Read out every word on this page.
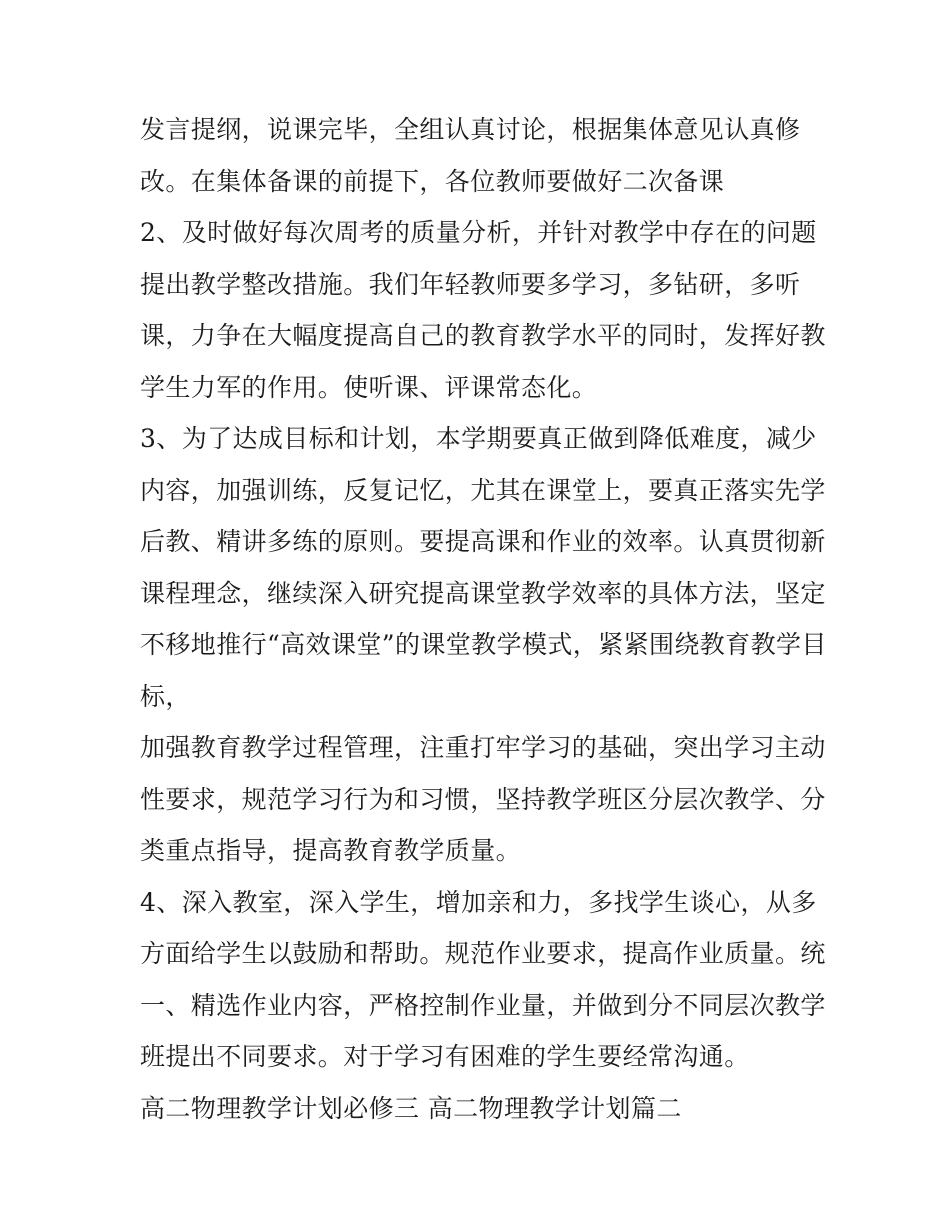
发言提纲，说课完毕，全组认真讨论，根据集体意见认真修
改。在集体备课的前提下，各位教师要做好二次备课
2、及时做好每次周考的质量分析，并针对教学中存在的问题
提出教学整改措施。我们年轻教师要多学习，多钻研，多听
课，力争在大幅度提高自己的教育教学水平的同时，发挥好教
学生力军的作用。使听课、评课常态化。
3、为了达成目标和计划，本学期要真正做到降低难度，减少
内容，加强训练，反复记忆，尤其在课堂上，要真正落实先学
后教、精讲多练的原则。要提高课和作业的效率。认真贯彻新
课程理念，继续深入研究提高课堂教学效率的具体方法，坚定
不移地推行“高效课堂”的课堂教学模式，紧紧围绕教育教学目
标，
加强教育教学过程管理，注重打牢学习的基础，突出学习主动
性要求，规范学习行为和习惯，坚持教学班区分层次教学、分
类重点指导，提高教育教学质量。
4、深入教室，深入学生，增加亲和力，多找学生谈心，从多
方面给学生以鼓励和帮助。规范作业要求，提高作业质量。统
一、精选作业内容，严格控制作业量，并做到分不同层次教学
班提出不同要求。对于学习有困难的学生要经常沟通。
高二物理教学计划必修三 高二物理教学计划篇二
